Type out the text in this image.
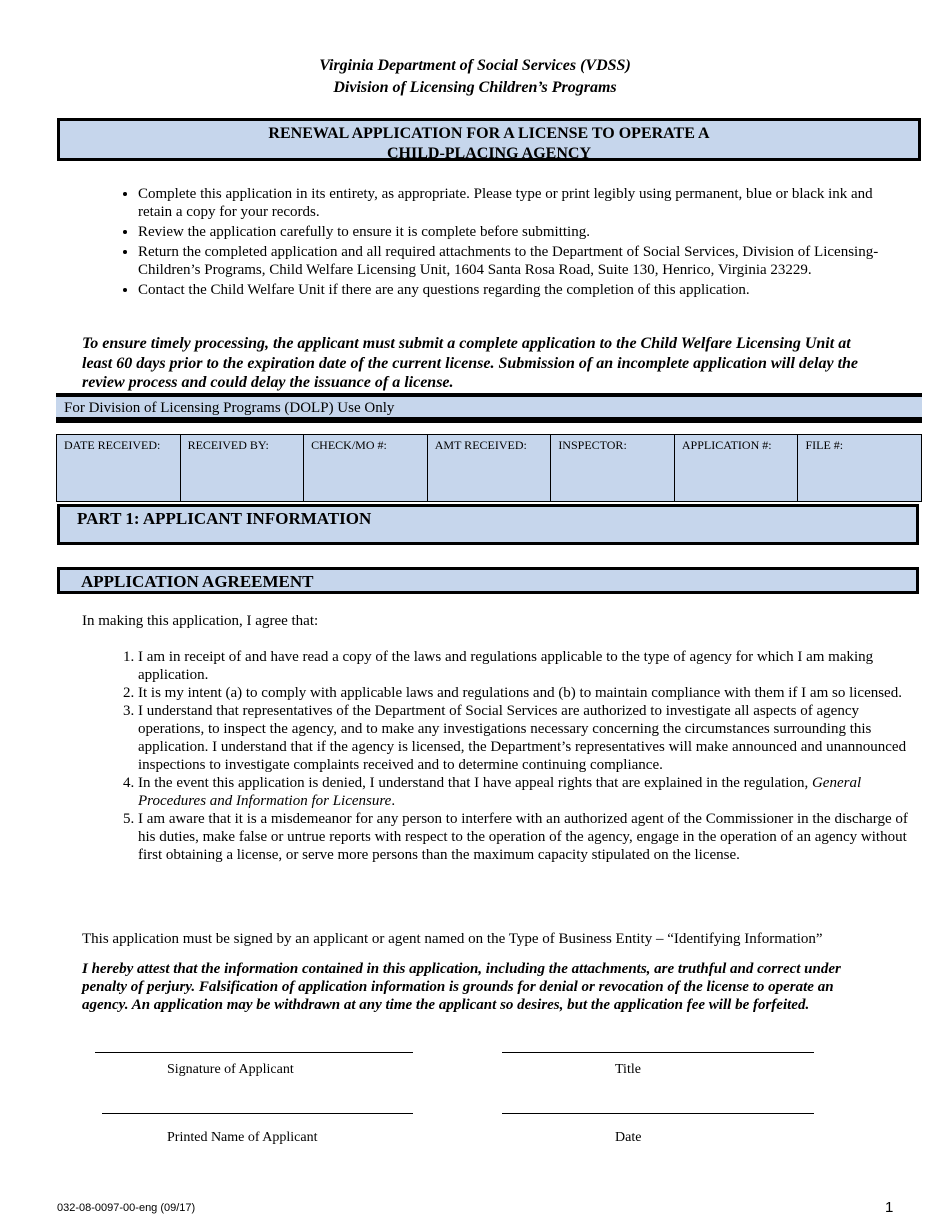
Virginia Department of Social Services (VDSS)
Division of Licensing Children’s Programs
RENEWAL APPLICATION FOR A LICENSE TO OPERATE A
CHILD-PLACING AGENCY
• Complete this application in its entirety, as appropriate. Please type or print legibly using permanent, blue or black ink and retain a copy for your records.
• Review the application carefully to ensure it is complete before submitting.
• Return the completed application and all required attachments to the Department of Social Services, Division of Licensing-Children’s Programs, Child Welfare Licensing Unit, 1604 Santa Rosa Road, Suite 130, Henrico, Virginia 23229.
• Contact the Child Welfare Unit if there are any questions regarding the completion of this application.
To ensure timely processing, the applicant must submit a complete application to the Child Welfare Licensing Unit at least 60 days prior to the expiration date of the current license. Submission of an incomplete application will delay the review process and could delay the issuance of a license.
For Division of Licensing Programs (DOLP) Use Only
DATE RECEIVED:	RECEIVED BY:	CHECK/MO #:	AMT RECEIVED:	INSPECTOR:	APPLICATION #:	FILE #:
PART 1: APPLICANT INFORMATION
APPLICATION AGREEMENT
In making this application, I agree that:
1. I am in receipt of and have read a copy of the laws and regulations applicable to the type of agency for which I am making application.
2. It is my intent (a) to comply with applicable laws and regulations and (b) to maintain compliance with them if I am so licensed.
3. I understand that representatives of the Department of Social Services are authorized to investigate all aspects of agency operations, to inspect the agency, and to make any investigations necessary concerning the circumstances surrounding this application. I understand that if the agency is licensed, the Department’s representatives will make announced and unannounced inspections to investigate complaints received and to determine continuing compliance.
4. In the event this application is denied, I understand that I have appeal rights that are explained in the regulation, General Procedures and Information for Licensure.
5. I am aware that it is a misdemeanor for any person to interfere with an authorized agent of the Commissioner in the discharge of his duties, make false or untrue reports with respect to the operation of the agency, engage in the operation of an agency without first obtaining a license, or serve more persons than the maximum capacity stipulated on the license.
This application must be signed by an applicant or agent named on the Type of Business Entity – “Identifying Information”
I hereby attest that the information contained in this application, including the attachments, are truthful and correct under penalty of perjury. Falsification of application information is grounds for denial or revocation of the license to operate an agency. An application may be withdrawn at any time the applicant so desires, but the application fee will be forfeited.
Signature of Applicant	Title
Printed Name of Applicant	Date
032-08-0097-00-eng (09/17)	1
